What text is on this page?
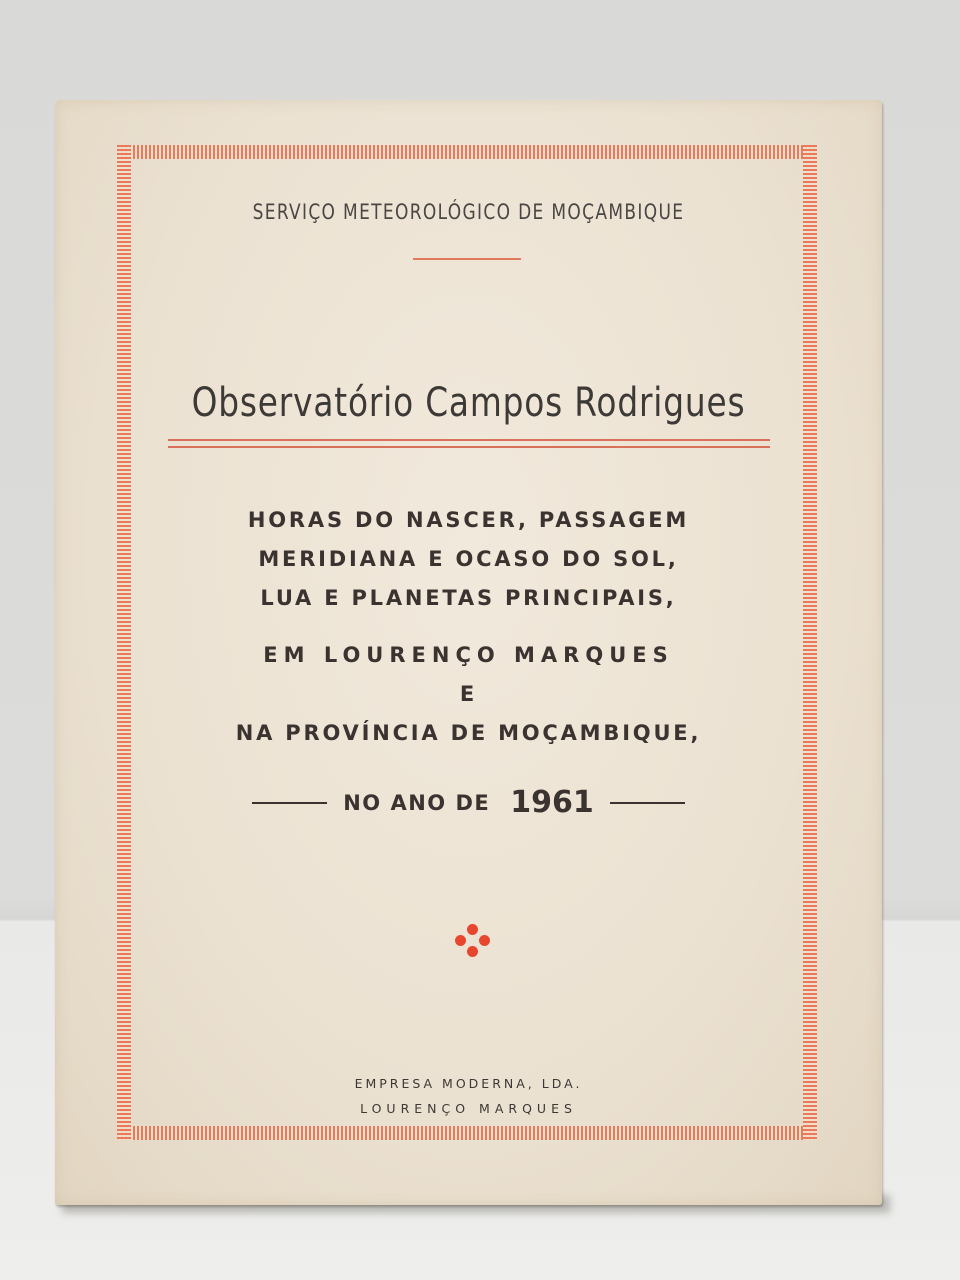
SERVIÇO METEOROLÓGICO DE MOÇAMBIQUE
Observatório Campos Rodrigues
HORAS DO NASCER, PASSAGEM
MERIDIANA E OCASO DO SOL,
LUA E PLANETAS PRINCIPAIS,
EM LOURENÇO MARQUES
E
NA PROVÍNCIA DE MOÇAMBIQUE,
NO ANO DE 1961
EMPRESA MODERNA, LDA.
LOURENÇO MARQUES
